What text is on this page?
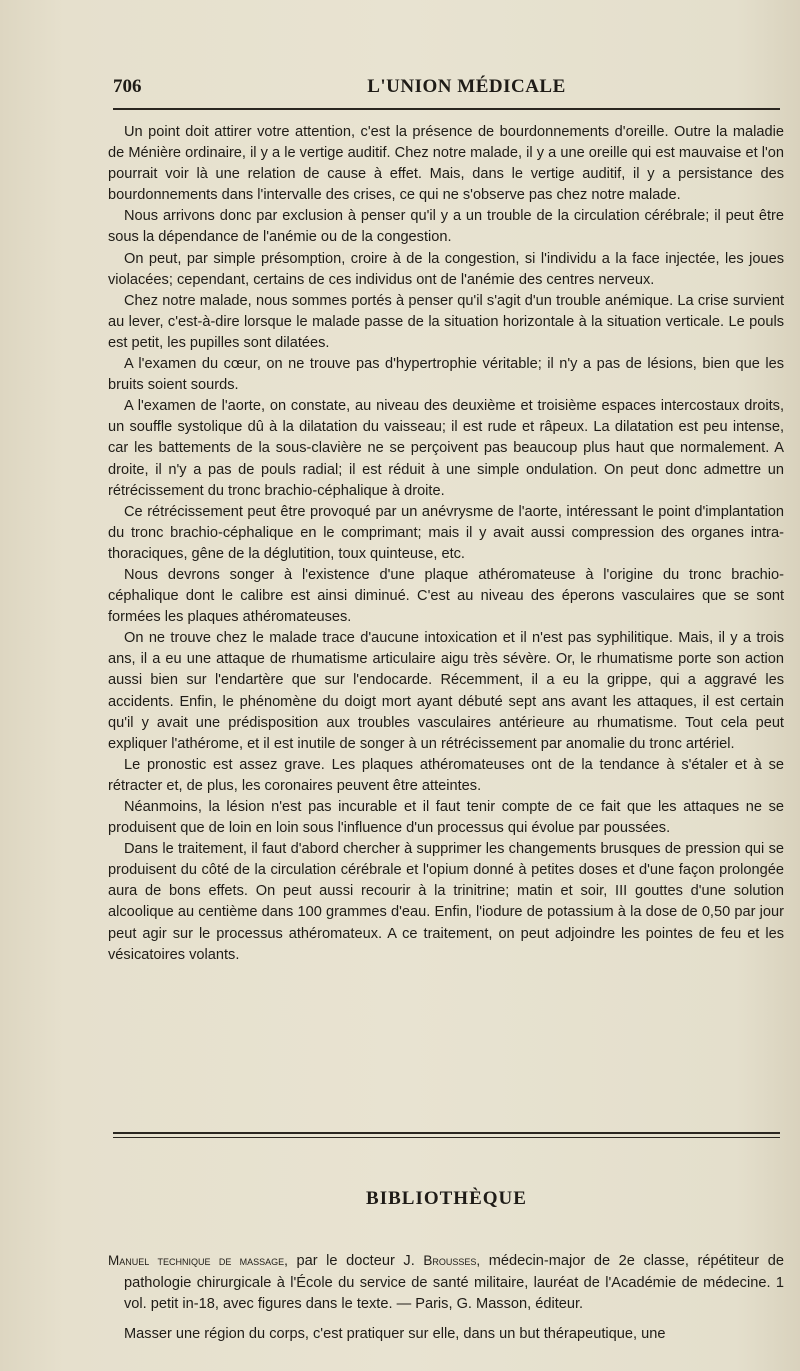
706	L'UNION MÉDICALE

Un point doit attirer votre attention, c'est la présence de bourdonnements d'oreille. Outre la maladie de Ménière ordinaire, il y a le vertige auditif. Chez notre malade, il y a une oreille qui est mauvaise et l'on pourrait voir là une relation de cause à effet. Mais, dans le vertige auditif, il y a persistance des bourdonnements dans l'intervalle des crises, ce qui ne s'observe pas chez notre malade.

Nous arrivons donc par exclusion à penser qu'il y a un trouble de la circulation cérébrale; il peut être sous la dépendance de l'anémie ou de la congestion.

On peut, par simple présomption, croire à de la congestion, si l'individu a la face injectée, les joues violacées; cependant, certains de ces individus ont de l'anémie des centres nerveux.

Chez notre malade, nous sommes portés à penser qu'il s'agit d'un trouble anémique. La crise survient au lever, c'est-à-dire lorsque le malade passe de la situation horizontale à la situation verticale. Le pouls est petit, les pupilles sont dilatées.

A l'examen du cœur, on ne trouve pas d'hypertrophie véritable; il n'y a pas de lésions, bien que les bruits soient sourds.

A l'examen de l'aorte, on constate, au niveau des deuxième et troisième espaces intercostaux droits, un souffle systolique dû à la dilatation du vaisseau; il est rude et râpeux. La dilatation est peu intense, car les battements de la sous-clavière ne se perçoivent pas beaucoup plus haut que normalement. A droite, il n'y a pas de pouls radial; il est réduit à une simple ondulation. On peut donc admettre un rétrécissement du tronc brachio-céphalique à droite.

Ce rétrécissement peut être provoqué par un anévrysme de l'aorte, intéressant le point d'implantation du tronc brachio-céphalique en le comprimant; mais il y avait aussi compression des organes intra-thoraciques, gêne de la déglutition, toux quinteuse, etc.

Nous devrons songer à l'existence d'une plaque athéromateuse à l'origine du tronc brachio-céphalique dont le calibre est ainsi diminué. C'est au niveau des éperons vasculaires que se sont formées les plaques athéromateuses.

On ne trouve chez le malade trace d'aucune intoxication et il n'est pas syphilitique. Mais, il y a trois ans, il a eu une attaque de rhumatisme articulaire aigu très sévère. Or, le rhumatisme porte son action aussi bien sur l'endartère que sur l'endocarde. Récemment, il a eu la grippe, qui a aggravé les accidents. Enfin, le phénomène du doigt mort ayant débuté sept ans avant les attaques, il est certain qu'il y avait une prédisposition aux troubles vasculaires antérieure au rhumatisme. Tout cela peut expliquer l'athérome, et il est inutile de songer à un rétrécissement par anomalie du tronc artériel.

Le pronostic est assez grave. Les plaques athéromateuses ont de la tendance à s'étaler et à se rétracter et, de plus, les coronaires peuvent être atteintes.

Néanmoins, la lésion n'est pas incurable et il faut tenir compte de ce fait que les attaques ne se produisent que de loin en loin sous l'influence d'un processus qui évolue par poussées.

Dans le traitement, il faut d'abord chercher à supprimer les changements brusques de pression qui se produisent du côté de la circulation cérébrale et l'opium donné à petites doses et d'une façon prolongée aura de bons effets. On peut aussi recourir à la trinitrine; matin et soir, III gouttes d'une solution alcoolique au centième dans 100 grammes d'eau. Enfin, l'iodure de potassium à la dose de 0,50 par jour peut agir sur le processus athéromateux. A ce traitement, on peut adjoindre les pointes de feu et les vésicatoires volants.

BIBLIOTHÈQUE

Manuel technique de massage, par le docteur J. Brousses, médecin-major de 2e classe, répétiteur de pathologie chirurgicale à l'École du service de santé militaire, lauréat de l'Académie de médecine. 1 vol. petit in-18, avec figures dans le texte. — Paris, G. Masson, éditeur.

Masser une région du corps, c'est pratiquer sur elle, dans un but thérapeutique, une
